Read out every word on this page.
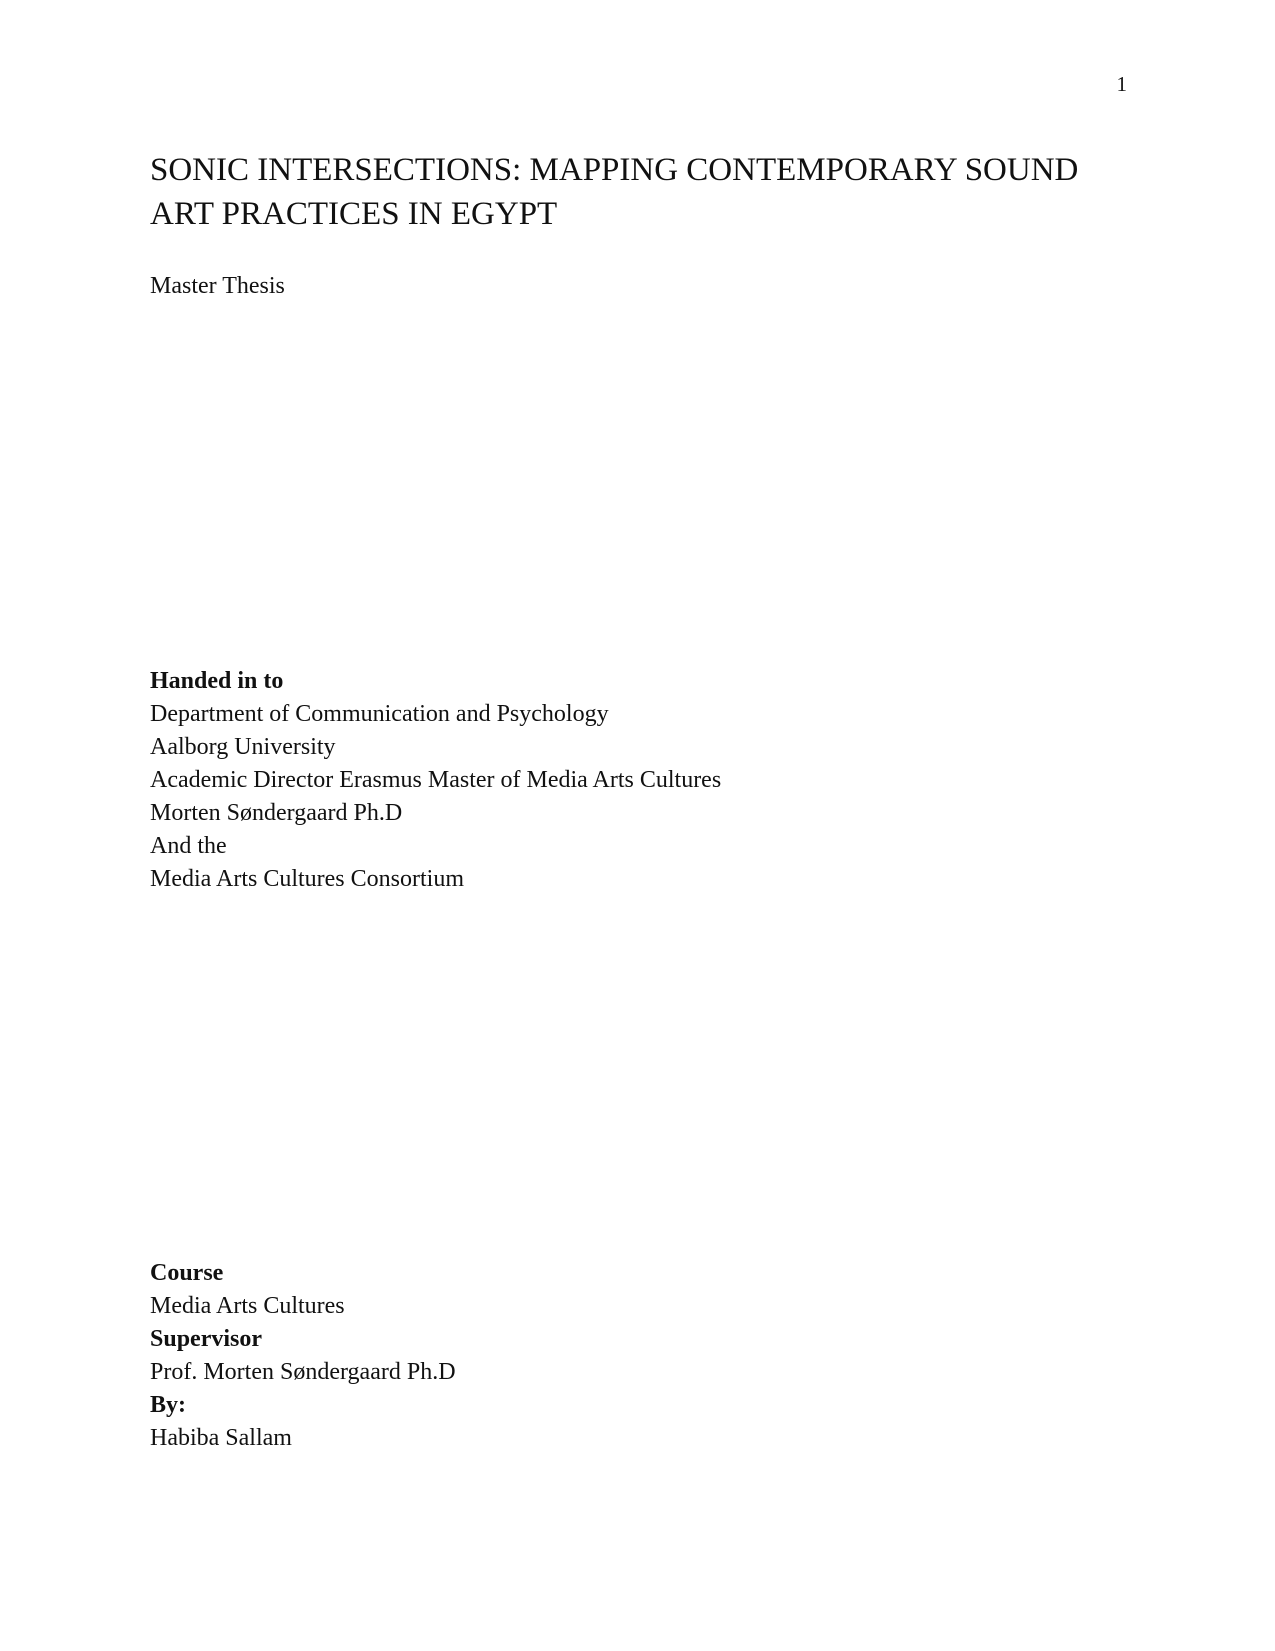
1
SONIC INTERSECTIONS: MAPPING CONTEMPORARY SOUND
ART PRACTICES IN EGYPT
Master Thesis
Handed in to
Department of Communication and Psychology
Aalborg University
Academic Director Erasmus Master of Media Arts Cultures
Morten Søndergaard Ph.D
And the
Media Arts Cultures Consortium
Course
Media Arts Cultures
Supervisor
Prof. Morten Søndergaard Ph.D
By:
Habiba Sallam
